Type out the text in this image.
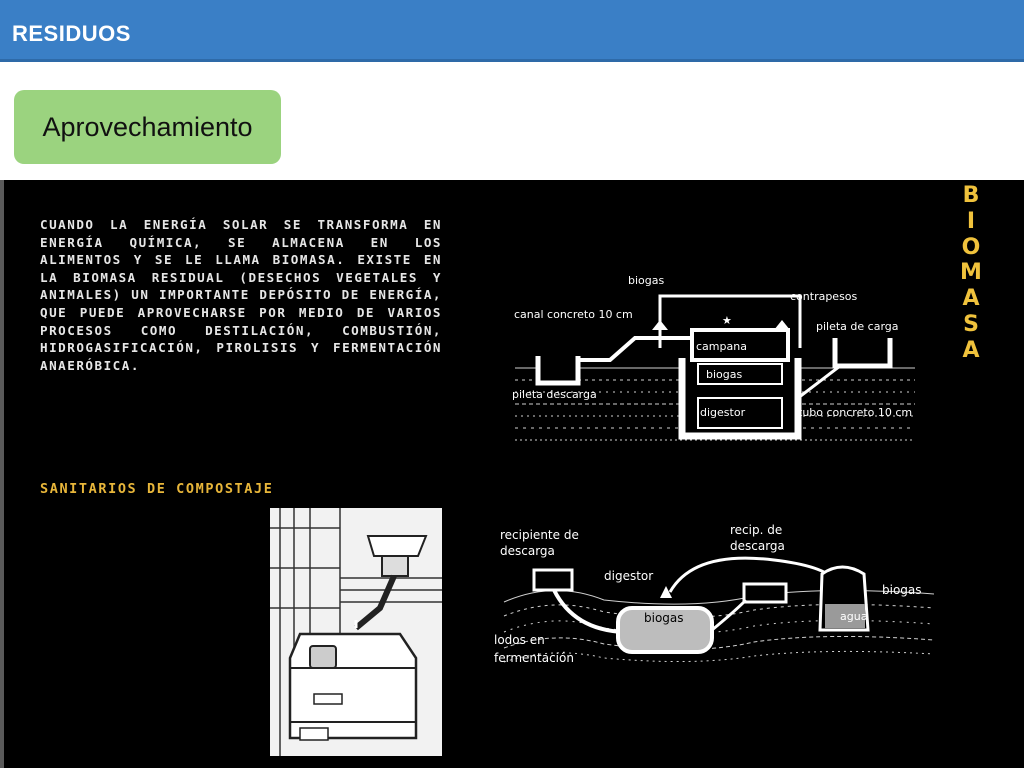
RESIDUOS
Aprovechamiento
CUANDO LA ENERGÍA SOLAR SE TRANSFORMA EN ENERGÍA QUÍMICA, SE ALMACENA EN LOS ALIMENTOS Y SE LE LLAMA BIOMASA. EXISTE EN LA BIOMASA RESIDUAL (DESECHOS VEGETALES Y ANIMALES) UN IMPORTANTE DEPÓSITO DE ENERGÍA, QUE PUEDE APROVECHARSE POR MEDIO DE VARIOS PROCESOS COMO DESTILACIÓN, COMBUSTIÓN, HIDROGASIFICACIÓN, PIROLISIS Y FERMENTACIÓN ANAERÓBICA.
SANITARIOS DE COMPOSTAJE
B
I
O
M
A
S
A
★
biogas
contrapesos
canal concreto 10 cm
pileta de carga
campana
biogas
pileta descarga
digestor	tubo concreto 10 cm
recipiente de
descarga
recip. de
descarga
digestor
biogas
biogas	agua
lodos en
fermentación
